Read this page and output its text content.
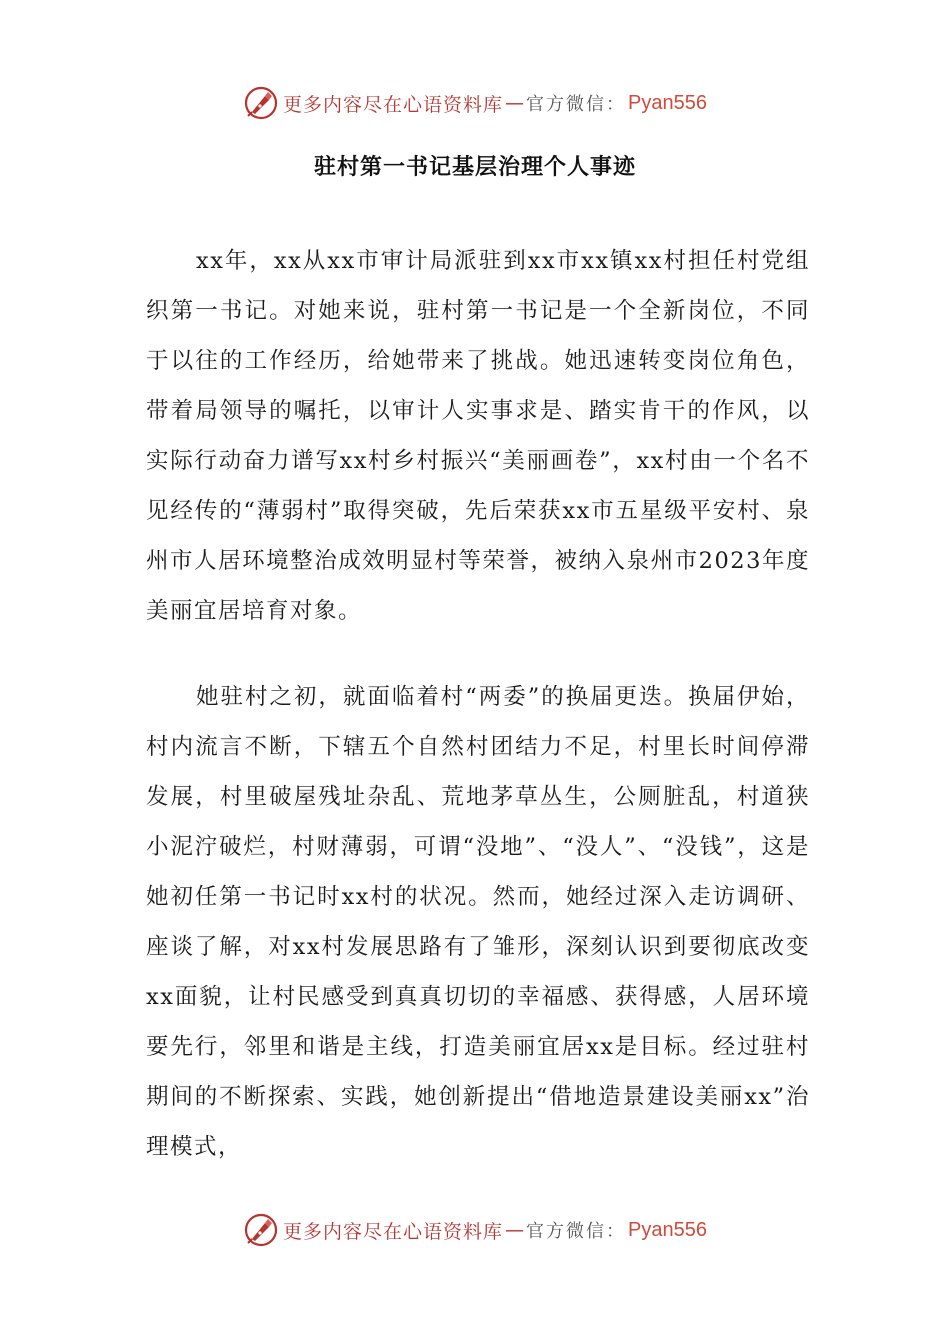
更多内容尽在心语资料库 — 官方微信： Pyan556
驻村第一书记基层治理个人事迹

xx年，xx从xx市审计局派驻到xx市xx镇xx村担任村党组织第一书记。对她来说，驻村第一书记是一个全新岗位，不同于以往的工作经历，给她带来了挑战。她迅速转变岗位角色，带着局领导的嘱托，以审计人实事求是、踏实肯干的作风，以实际行动奋力谱写xx村乡村振兴“美丽画卷”，xx村由一个名不见经传的“薄弱村”取得突破，先后荣获xx市五星级平安村、泉州市人居环境整治成效明显村等荣誉，被纳入泉州市2023年度美丽宜居培育对象。

她驻村之初，就面临着村“两委”的换届更迭。换届伊始，村内流言不断，下辖五个自然村团结力不足，村里长时间停滞发展，村里破屋残址杂乱、荒地茅草丛生，公厕脏乱，村道狭小泥泞破烂，村财薄弱，可谓“没地”、“没人”、“没钱”，这是她初任第一书记时xx村的状况。然而，她经过深入走访调研、座谈了解，对xx村发展思路有了雏形，深刻认识到要彻底改变xx面貌，让村民感受到真真切切的幸福感、获得感，人居环境要先行，邻里和谐是主线，打造美丽宜居xx是目标。经过驻村期间的不断探索、实践，她创新提出“借地造景建设美丽xx”治理模式，

更多内容尽在心语资料库 — 官方微信： Pyan556
